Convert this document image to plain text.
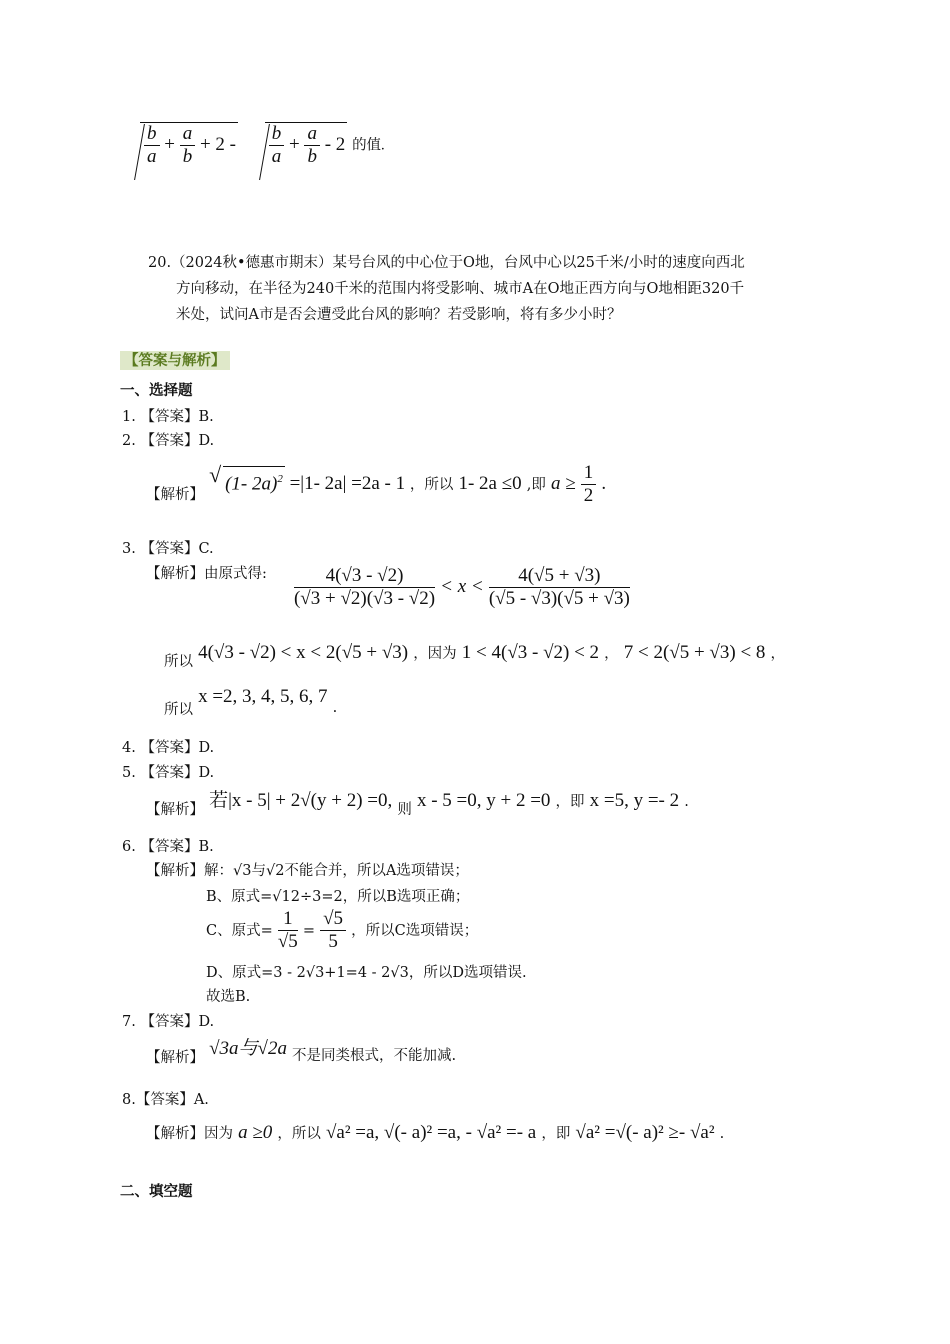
$\frac{b}{a} + \frac{a}{b} + 2 - \frac{b}{a} + \frac{a}{b} - 2$ 的值.
20.（2024秋•德惠市期末）某号台风的中心位于O地，台风中心以25千米/小时的速度向西北
方向移动，在半径为240千米的范围内将受影响、城市A在O地正西方向与O地相距320千
米处，试问A市是否会遭受此台风的影响？若受影响，将有多少小时？
【答案与解析】
一、选择题
1. 【答案】B.
2. 【答案】D.
【解析】 √ (1- 2a)$^2$ =|1- 2a| =2a - 1 ，所以 1- 2a ≤0 ,即 $a \ge \frac{1}{2}$ .
3. 【答案】C.
【解析】由原式得: $\frac{4(√3 - √2)}{(√3 + √2)(√3 - √2)} < x < \frac{4(√5 + √3)}{(√5 - √3)(√5 + √3)}$
所以 4(√3 - √2) < x < 2(√5 + √3) ，因为 1 < 4(√3 - √2) < 2 ， 7 < 2(√5 + √3) < 8 ，
所以 x =2, 3, 4, 5, 6, 7 .
4. 【答案】D.
5. 【答案】D.
【解析】 若|x - 5| + 2√(y + 2) =0, 则 x - 5 =0, y + 2 =0 ，即 x =5, y =- 2 .
6. 【答案】B.
【解析】解：√3与√2不能合并，所以A选项错误；
B、原式=√12÷3=2，所以B选项正确；
C、原式= $\frac{1}{√5} = \frac{√5}{5}$ ，所以C选项错误；
D、原式=3 - 2√3+1=4 - 2√3，所以D选项错误.
故选B.
7. 【答案】D.
【解析】 √3a与√2a 不是同类根式，不能加减.
8.【答案】A.
【解析】因为 a ≥0 ，所以 √a² =a, √(- a)² =a, - √a² =- a ，即 √a² =√(- a)² ≥- √a² .
二、填空题
